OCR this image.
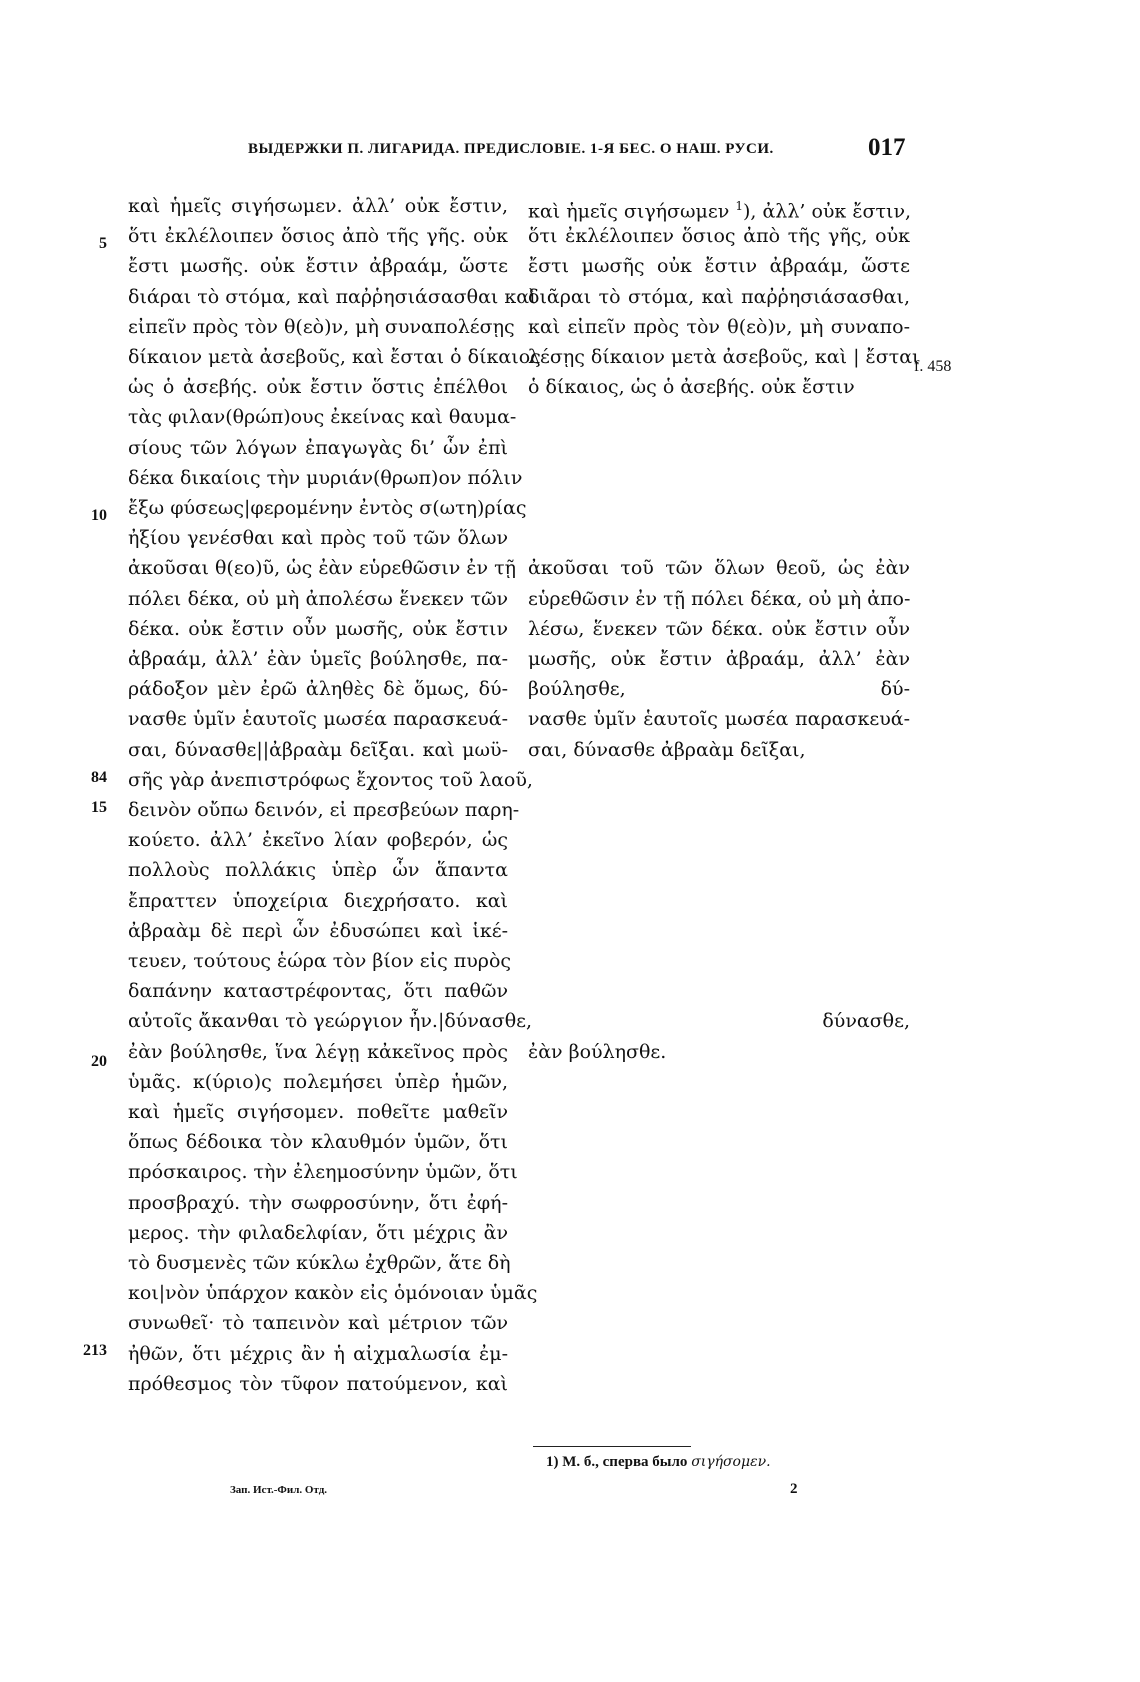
ВЫДЕРЖКИ П. ЛИГАРИДА. ПРЕДИСЛОВІЕ. 1-Я БЕС. О НАШ. РУСИ.	017
καὶ ἡμεῖς σιγήσωμεν. ἀλλ’ οὐκ ἔστιν,
ὅτι ἐκλέλοιπεν ὅσιος ἀπὸ τῆς γῆς. οὐκ
ἔστι μωσῆς. οὐκ ἔστιν ἀβραάμ, ὥστε
διάραι τὸ στόμα, καὶ παῤῥησιάσασθαι καὶ
εἰπεῖν πρὸς τὸν θ(εὸ)ν, μὴ συναπολέσῃς
δίκαιον μετὰ ἀσεβοῦς, καὶ ἔσται ὁ δίκαιος
ὡς ὁ ἀσεβής. οὐκ ἔστιν ὅστις ἐπέλθοι
τὰς φιλαν(θρώπ)ους ἐκείνας καὶ θαυμα-
σίους τῶν λόγων ἐπαγωγὰς δι’ ὧν ἐπὶ
δέκα δικαίοις τὴν μυριάν(θρωπ)ον πόλιν
ἔξω φύσεως|φερομένην ἐντὸς σ(ωτη)ρίας
ἠξίου γενέσθαι καὶ πρὸς τοῦ τῶν ὅλων
ἀκοῦσαι θ(εο)ῦ, ὡς ἐὰν εὑρεθῶσιν ἐν τῇ
πόλει δέκα, οὐ μὴ ἀπολέσω ἕνεκεν τῶν
δέκα. οὐκ ἔστιν οὖν μωσῆς, οὐκ ἔστιν
ἀβραάμ, ἀλλ’ ἐὰν ὑμεῖς βούλησθε, πα-
ράδοξον μὲν ἐρῶ ἀληθὲς δὲ ὅμως, δύ-
νασθε ὑμῖν ἑαυτοῖς μωσέα παρασκευά-
σαι, δύνασθε||ἀβραὰμ δεῖξαι. καὶ μωϋ-
σῆς γὰρ ἀνεπιστρόφως ἔχοντος τοῦ λαοῦ,
δεινὸν οὔπω δεινόν, εἰ πρεσβεύων παρη-
κούετο. ἀλλ’ ἐκεῖνο λίαν φοβερόν, ὡς
πολλοὺς πολλάκις ὑπὲρ ὧν ἅπαντα
ἔπραττεν ὑποχείρια διεχρήσατο. καὶ
ἀβραὰμ δὲ περὶ ὧν ἐδυσώπει καὶ ἱκέ-
τευεν, τούτους ἑώρα τὸν βίον εἰς πυρὸς
δαπάνην καταστρέφοντας, ὅτι παθῶν
αὐτοῖς ἄκανθαι τὸ γεώργιον ἦν.|δύνασθε,
ἐὰν βούλησθε, ἵνα λέγῃ κἀκεῖνος πρὸς
ὑμᾶς. κ(ύριο)ς πολεμήσει ὑπὲρ ἡμῶν,
καὶ ἡμεῖς σιγήσομεν. ποθεῖτε μαθεῖν
ὅπως δέδοικα τὸν κλαυθμόν ὑμῶν, ὅτι
πρόσκαιρος. τὴν ἐλεημοσύνην ὑμῶν, ὅτι
προσβραχύ. τὴν σωφροσύνην, ὅτι ἐφή-
μερος. τὴν φιλαδελφίαν, ὅτι μέχρις ἂν
τὸ δυσμενὲς τῶν κύκλω ἐχθρῶν, ἅτε δὴ
κοι|νὸν ὑπάρχον κακὸν εἰς ὁμόνοιαν ὑμᾶς
συνωθεῖ· τὸ ταπεινὸν καὶ μέτριον τῶν
ἠθῶν, ὅτι μέχρις ἂν ἡ αἰχμαλωσία ἐμ-
πρόθεσμος τὸν τῦφον πατούμενον, καὶ
5
10
84
15
20
213
καὶ ἡμεῖς σιγήσωμεν $^1$), ἀλλ’ οὐκ ἔστιν,
ὅτι ἐκλέλοιπεν ὅσιος ἀπὸ τῆς γῆς, οὐκ
ἔστι μωσῆς οὐκ ἔστιν ἀβραάμ, ὥστε
διᾶραι τὸ στόμα, καὶ παῤῥησιάσασθαι,
καὶ εἰπεῖν πρὸς τὸν θ(εὸ)ν, μὴ συναπο-
λέσῃς δίκαιον μετὰ ἀσεβοῦς, καὶ | ἔσται
ὁ δίκαιος, ὡς ὁ ἀσεβής. οὐκ ἔστιν
ἀκοῦσαι τοῦ τῶν ὅλων θεοῦ, ὡς ἐὰν
εὑρεθῶσιν ἐν τῇ πόλει δέκα, οὐ μὴ ἀπο-
λέσω, ἕνεκεν τῶν δέκα. οὐκ ἔστιν οὖν
μωσῆς, οὐκ ἔστιν ἀβραάμ, ἀλλ’ ἐὰν
βούλησθε,	δύ-
νασθε ὑμῖν ἑαυτοῖς μωσέα παρασκευά-
σαι, δύνασθε ἀβραὰμ δεῖξαι,
δύνασθε,
ἐὰν βούλησθε.
f. 458
1) М. б., сперва было σιγήσομεν.
Зап. Ист.-Фил. Отд.	2
